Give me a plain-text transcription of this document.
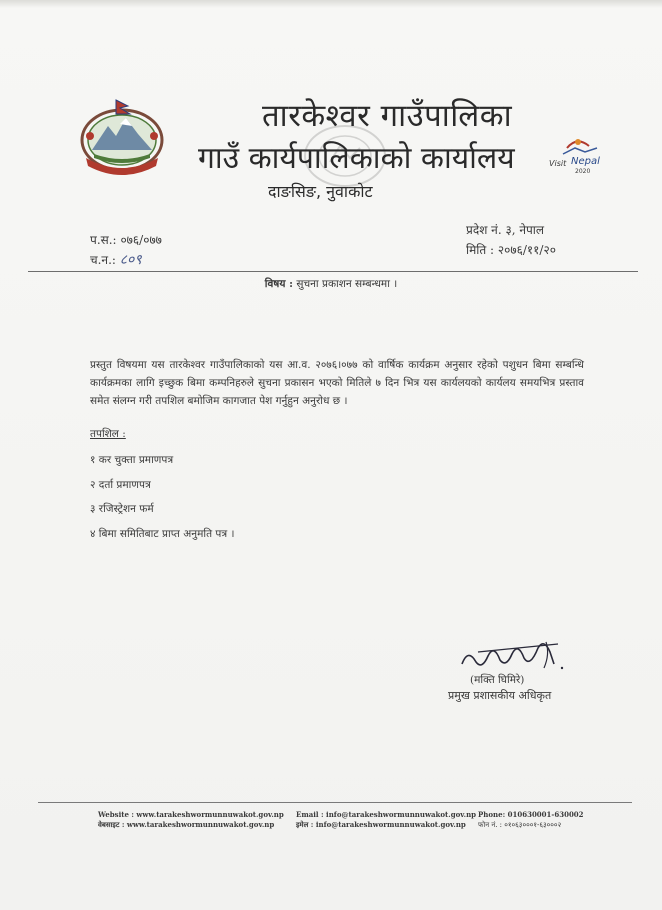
तारकेश्वर गाउँपालिका
गाउँ कार्यपालिकाको कार्यालय
दाङसिङ, नुवाकोट
Visit Nepal
2020
प.स.: ०७६/०७७
च.न.: ८०९
प्रदेश नं. ३, नेपाल
मिति : २०७६/११/२०
विषय : सुचना प्रकाशन सम्बन्धमा ।
प्रस्तुत विषयमा यस तारकेश्वर गाउँपालिकाको यस आ.व. २०७६।०७७ को वार्षिक कार्यक्रम अनुसार रहेको पशुधन बिमा सम्बन्धि कार्यक्रमका लागि इच्छुक बिमा कम्पनिहरुले सुचना प्रकासन भएको मितिले ७ दिन भित्र यस कार्यलयको कार्यलय समयभित्र प्रस्ताव समेत संलग्न गरी तपशिल बमोजिम कागजात पेश गर्नुहुन अनुरोध छ ।
तपशिल :
१ कर चुक्ता प्रमाणपत्र
२ दर्ता प्रमाणपत्र
३ रजिस्ट्रेशन फर्म
४ बिमा समितिबाट प्राप्त अनुमति पत्र ।
(मक्ति घिमिरे)
प्रमुख प्रशासकीय अधिकृत
Website : www.tarakeshwormunnuwakot.gov.np
वेबसाइट : www.tarakeshwormunnuwakot.gov.np
Email : info@tarakeshwormunnuwakot.gov.np
इमेल : info@tarakeshwormunnuwakot.gov.np
Phone: 010630001-630002
फोन नं. : ०१०६३०००१-६३०००२
